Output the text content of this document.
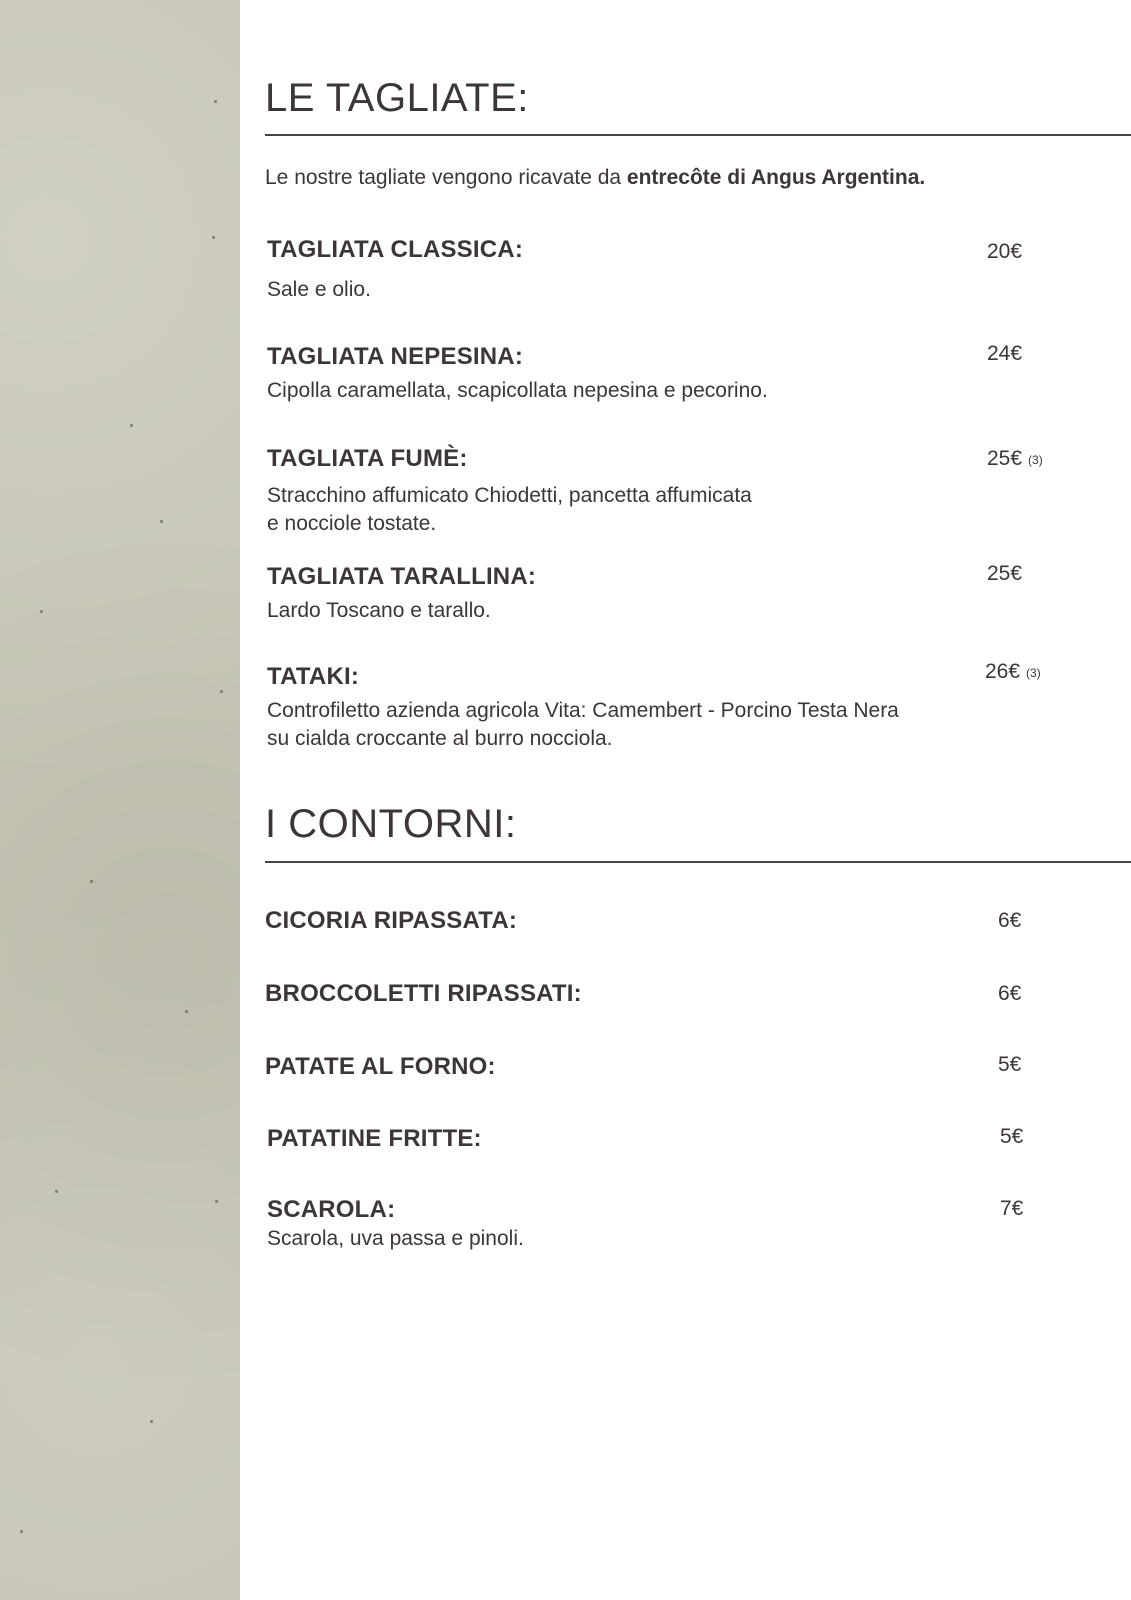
LE TAGLIATE:
Le nostre tagliate vengono ricavate da entrecôte di Angus Argentina.
TAGLIATA CLASSICA:	20€
Sale e olio.
TAGLIATA NEPESINA:	24€
Cipolla caramellata, scapicollata nepesina e pecorino.
TAGLIATA FUMÈ:	25€ (3)
Stracchino affumicato Chiodetti, pancetta affumicata
e nocciole tostate.
TAGLIATA TARALLINA:	25€
Lardo Toscano e tarallo.
TATAKI:	26€ (3)
Controfiletto azienda agricola Vita: Camembert - Porcino Testa Nera
su cialda croccante al burro nocciola.
I CONTORNI:
CICORIA RIPASSATA:	6€
BROCCOLETTI RIPASSATI:	6€
PATATE AL FORNO:	5€
PATATINE FRITTE:	5€
SCAROLA:	7€
Scarola, uva passa e pinoli.
